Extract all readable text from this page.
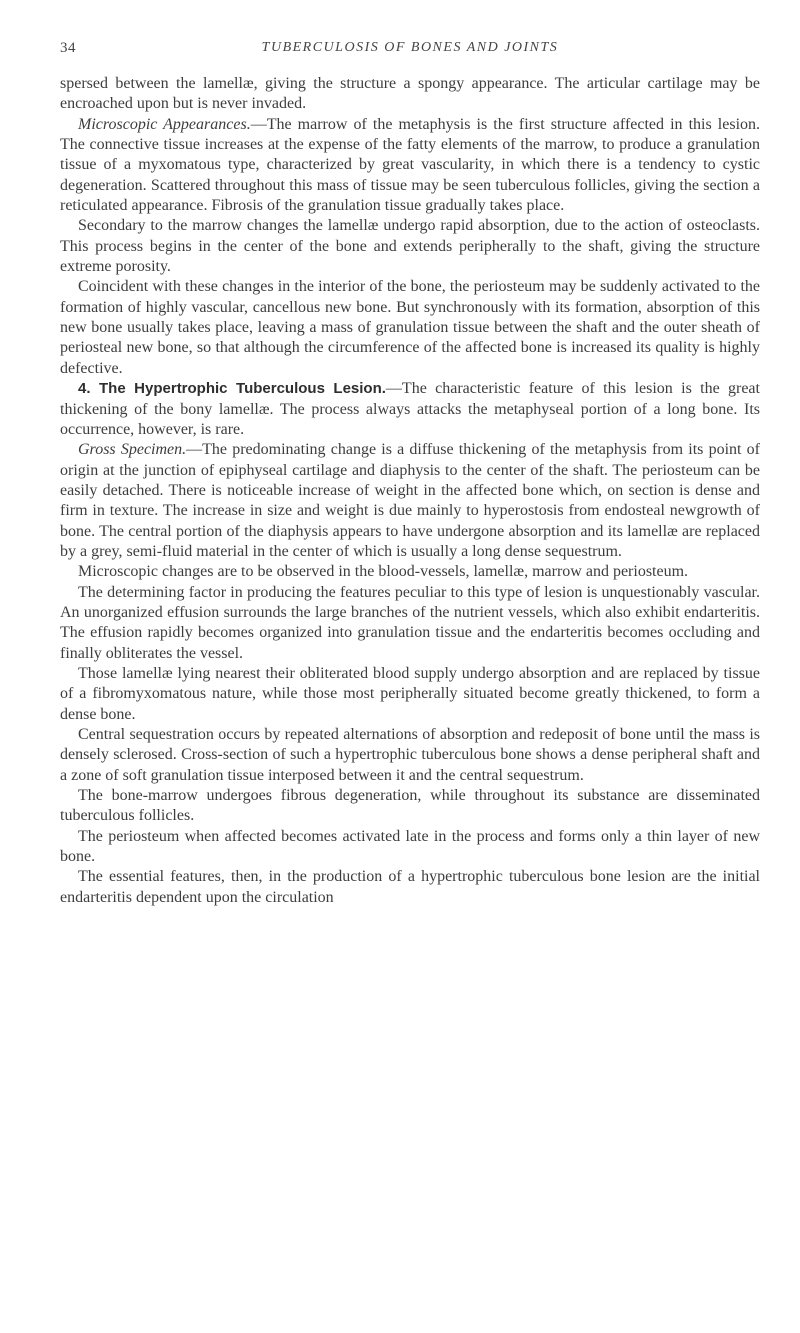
34	TUBERCULOSIS OF BONES AND JOINTS

spersed between the lamellæ, giving the structure a spongy appearance. The articular cartilage may be encroached upon but is never invaded.

Microscopic Appearances.—The marrow of the metaphysis is the first structure affected in this lesion. The connective tissue increases at the expense of the fatty elements of the marrow, to produce a granulation tissue of a myxomatous type, characterized by great vascularity, in which there is a tendency to cystic degeneration. Scattered throughout this mass of tissue may be seen tuberculous follicles, giving the section a reticulated appearance. Fibrosis of the granulation tissue gradually takes place.

Secondary to the marrow changes the lamellæ undergo rapid absorption, due to the action of osteoclasts. This process begins in the center of the bone and extends peripherally to the shaft, giving the structure extreme porosity.

Coincident with these changes in the interior of the bone, the periosteum may be suddenly activated to the formation of highly vascular, cancellous new bone. But synchronously with its formation, absorption of this new bone usually takes place, leaving a mass of granulation tissue between the shaft and the outer sheath of periosteal new bone, so that although the circumference of the affected bone is increased its quality is highly defective.

4. The Hypertrophic Tuberculous Lesion.—The characteristic feature of this lesion is the great thickening of the bony lamellæ. The process always attacks the metaphyseal portion of a long bone. Its occurrence, however, is rare.

Gross Specimen.—The predominating change is a diffuse thickening of the metaphysis from its point of origin at the junction of epiphyseal cartilage and diaphysis to the center of the shaft. The periosteum can be easily detached. There is noticeable increase of weight in the affected bone which, on section is dense and firm in texture. The increase in size and weight is due mainly to hyperostosis from endosteal newgrowth of bone. The central portion of the diaphysis appears to have undergone absorption and its lamellæ are replaced by a grey, semi-fluid material in the center of which is usually a long dense sequestrum.

Microscopic changes are to be observed in the blood-vessels, lamellæ, marrow and periosteum.

The determining factor in producing the features peculiar to this type of lesion is unquestionably vascular. An unorganized effusion surrounds the large branches of the nutrient vessels, which also exhibit endarteritis. The effusion rapidly becomes organized into granulation tissue and the endarteritis becomes occluding and finally obliterates the vessel.

Those lamellæ lying nearest their obliterated blood supply undergo absorption and are replaced by tissue of a fibromyxomatous nature, while those most peripherally situated become greatly thickened, to form a dense bone.

Central sequestration occurs by repeated alternations of absorption and redeposit of bone until the mass is densely sclerosed. Cross-section of such a hypertrophic tuberculous bone shows a dense peripheral shaft and a zone of soft granulation tissue interposed between it and the central sequestrum.

The bone-marrow undergoes fibrous degeneration, while throughout its substance are disseminated tuberculous follicles.

The periosteum when affected becomes activated late in the process and forms only a thin layer of new bone.

The essential features, then, in the production of a hypertrophic tuberculous bone lesion are the initial endarteritis dependent upon the circulation
